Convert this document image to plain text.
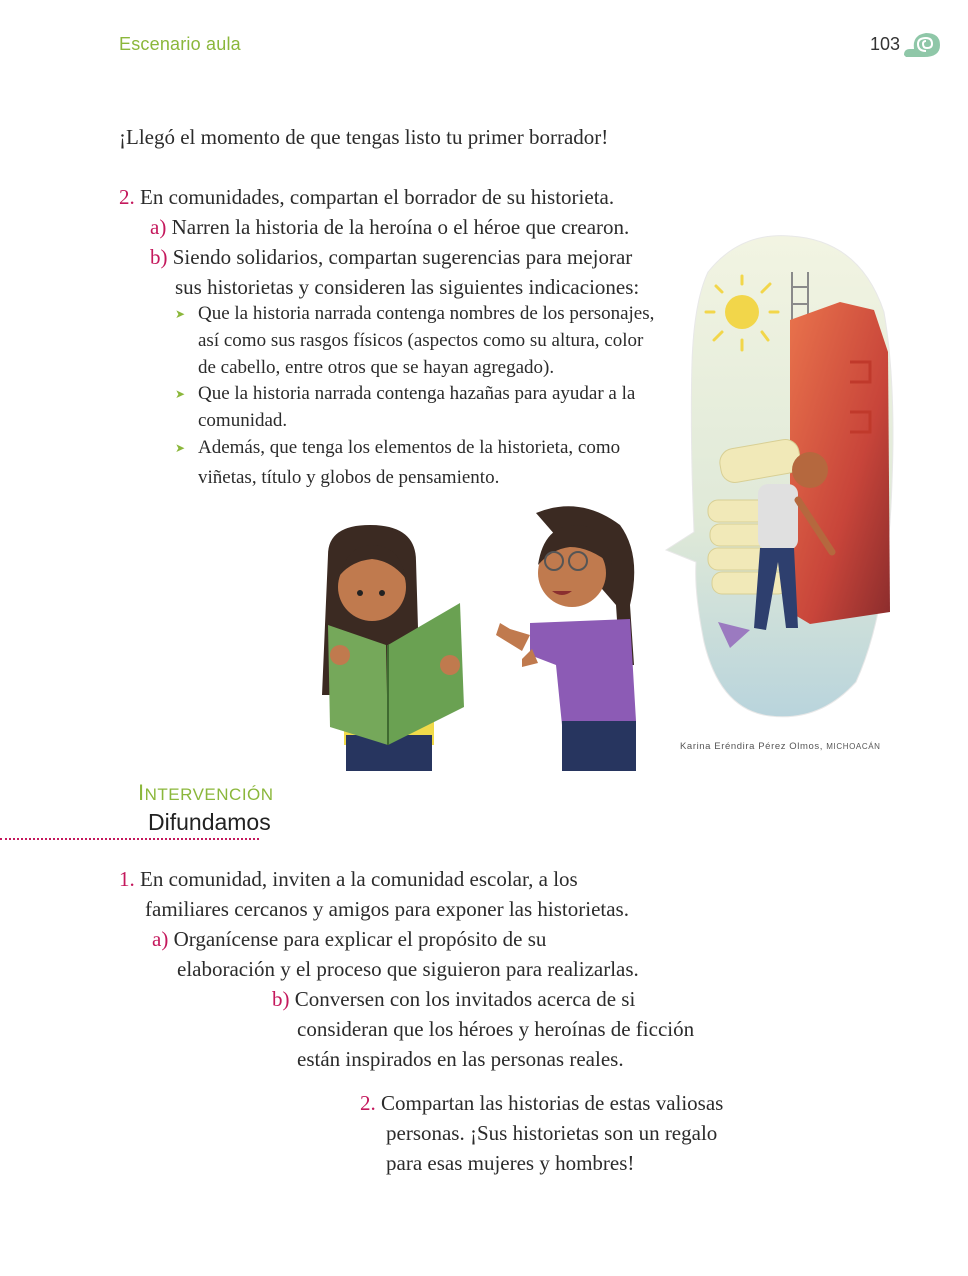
Escenario aula	103
¡Llegó el momento de que tengas listo tu primer borrador!
2. En comunidades, compartan el borrador de su historieta.
a) Narren la historia de la heroína o el héroe que crearon.
b) Siendo solidarios, compartan sugerencias para mejorar
sus historietas y consideren las siguientes indicaciones:
➤ Que la historia narrada contenga nombres de los personajes,
así como sus rasgos físicos (aspectos como su altura, color
de cabello, entre otros que se hayan agregado).
➤ Que la historia narrada contenga hazañas para ayudar a la
comunidad.
➤ Además, que tenga los elementos de la historieta, como
viñetas, título y globos de pensamiento.
Karina Eréndira Pérez Olmos, MICHOACÁN
INTERVENCIÓN
Difundamos
1. En comunidad, inviten a la comunidad escolar, a los
familiares cercanos y amigos para exponer las historietas.
a) Organícense para explicar el propósito de su
elaboración y el proceso que siguieron para realizarlas.
b) Conversen con los invitados acerca de si
consideran que los héroes y heroínas de ficción
están inspirados en las personas reales.
2. Compartan las historias de estas valiosas
personas. ¡Sus historietas son un regalo
para esas mujeres y hombres!
